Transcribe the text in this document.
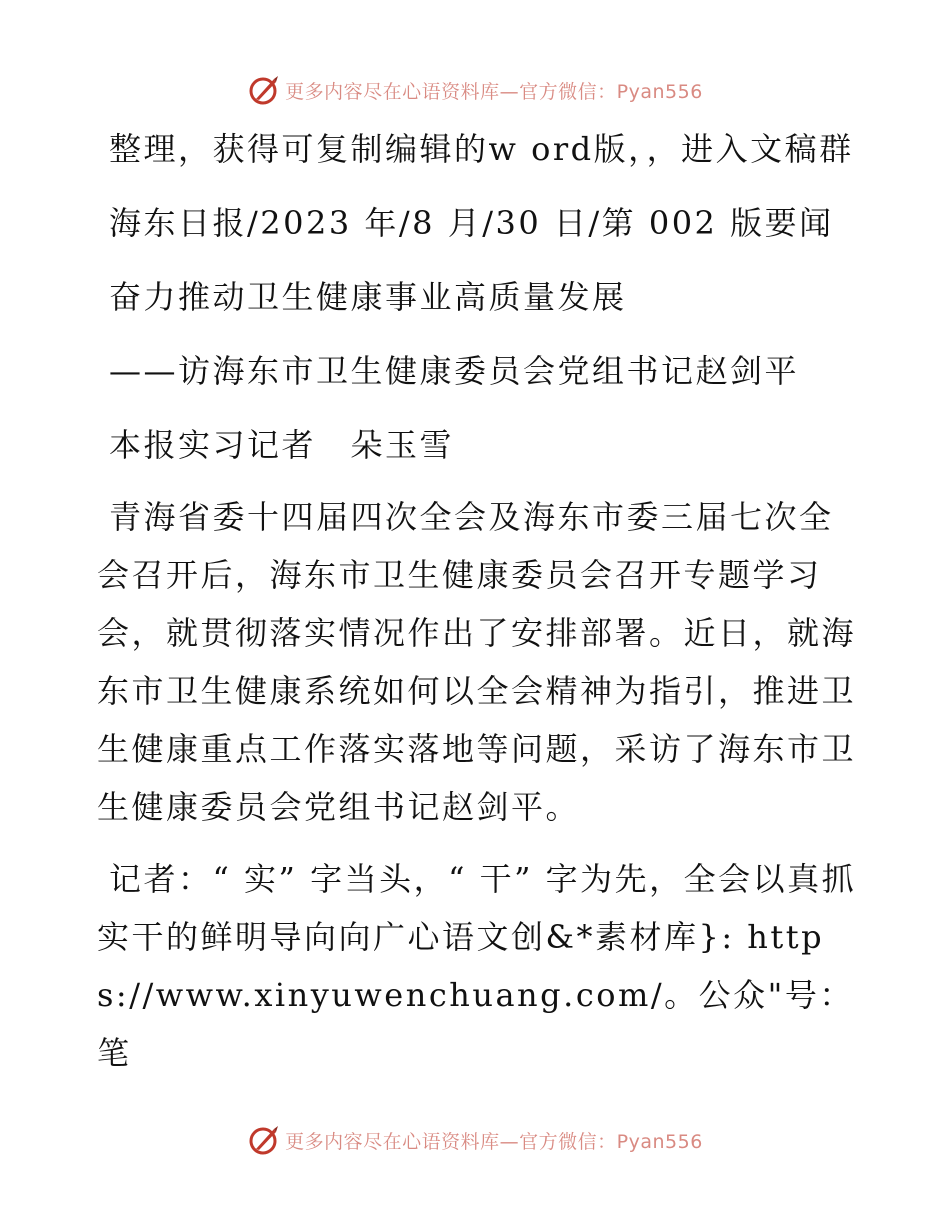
更多内容尽在心语资料库—官方微信：Pyan556

整理，获得可复制编辑的w ord版，，进入文稿群

海东日报/2023 年/8 月/30 日/第 002 版要闻

奋力推动卫生健康事业高质量发展

——访海东市卫生健康委员会党组书记赵剑平

本报实习记者　朵玉雪

青海省委十四届四次全会及海东市委三届七次全会召开后，海东市卫生健康委员会召开专题学习会，就贯彻落实情况作出了安排部署。近日，就海东市卫生健康系统如何以全会精神为指引，推进卫生健康重点工作落实落地等问题，采访了海东市卫生健康委员会党组书记赵剑平。

记者：“ 实” 字当头，“ 干” 字为先，全会以真抓实干的鲜明导向向广心语文创&*素材库}: https://www.xinyuwenchuang.com/。公众"号：笔

更多内容尽在心语资料库—官方微信：Pyan556
